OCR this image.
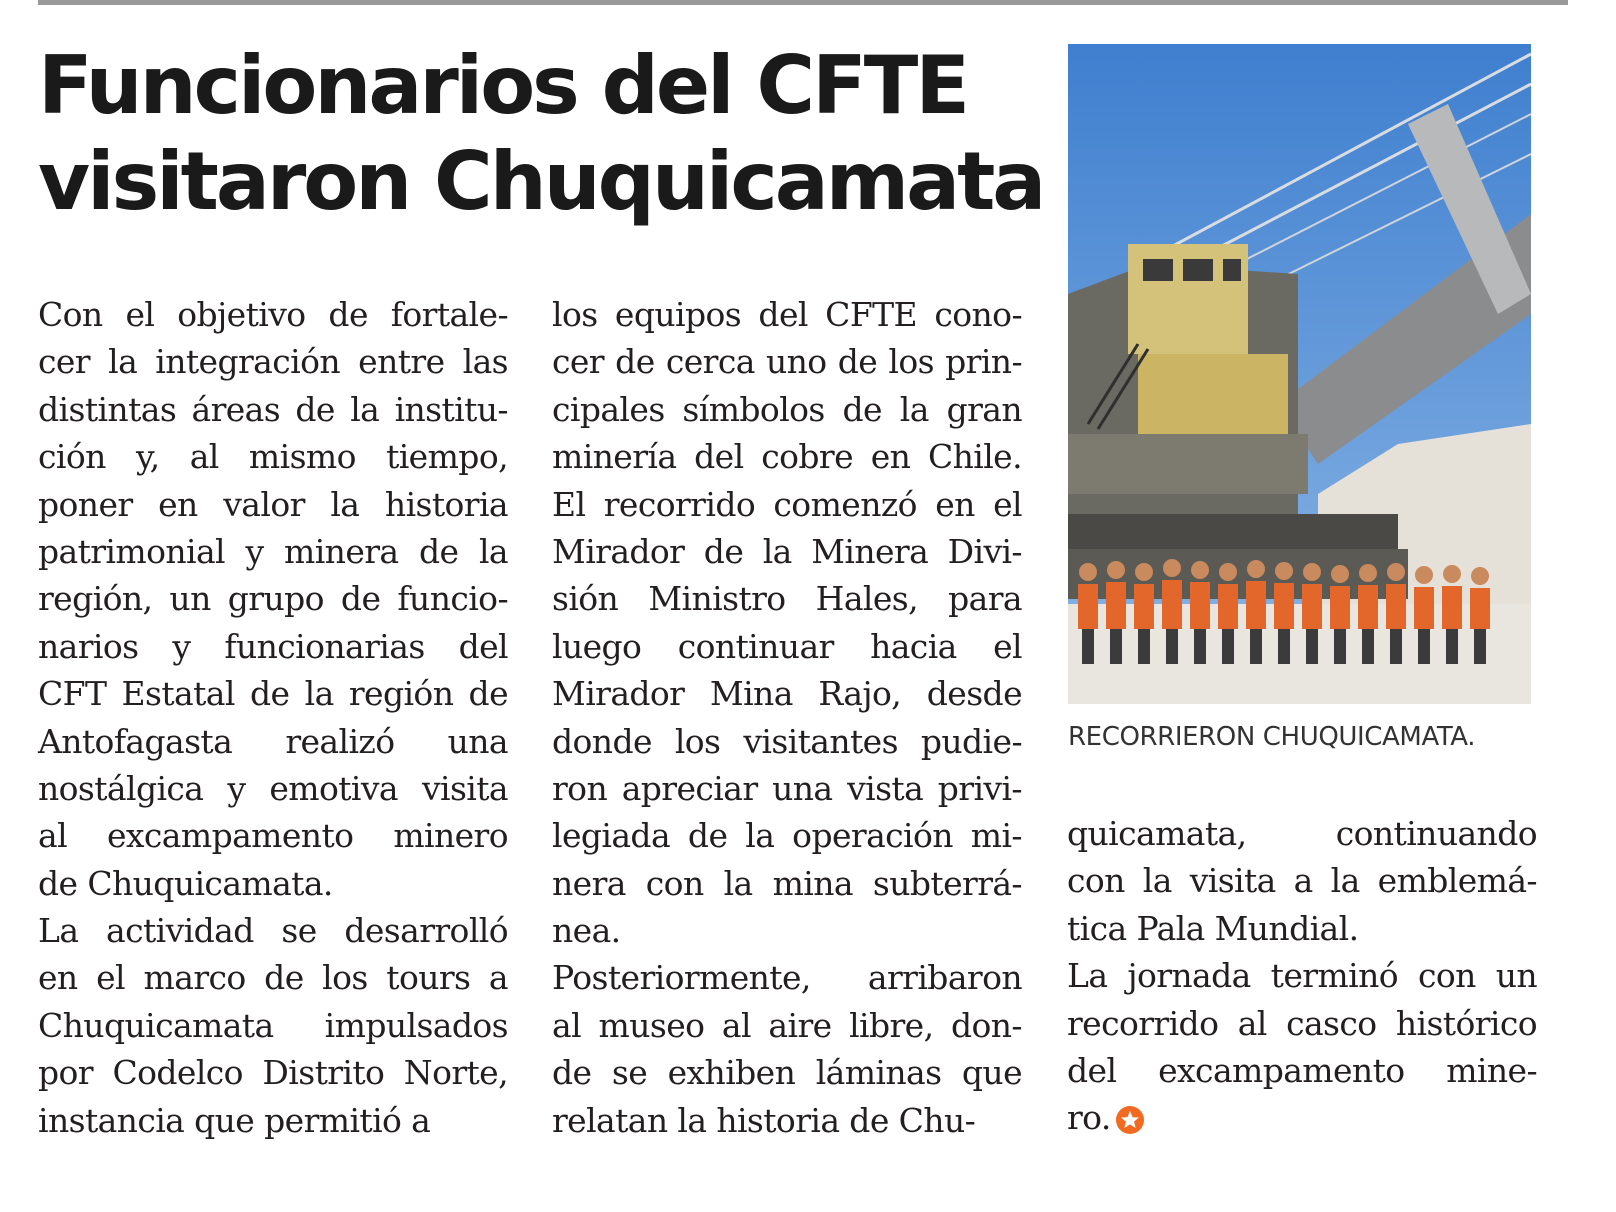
Funcionarios del CFTE
visitaron Chuquicamata
Con el objetivo de fortale-
cer la integración entre las
distintas áreas de la institu-
ción y, al mismo tiempo,
poner en valor la historia
patrimonial y minera de la
región, un grupo de funcio-
narios y funcionarias del
CFT Estatal de la región de
Antofagasta realizó una
nostálgica y emotiva visita
al excampamento minero
de Chuquicamata.
La actividad se desarrolló
en el marco de los tours a
Chuquicamata impulsados
por Codelco Distrito Norte,
instancia que permitió a
los equipos del CFTE cono-
cer de cerca uno de los prin-
cipales símbolos de la gran
minería del cobre en Chile.
El recorrido comenzó en el
Mirador de la Minera Divi-
sión Ministro Hales, para
luego continuar hacia el
Mirador Mina Rajo, desde
donde los visitantes pudie-
ron apreciar una vista privi-
legiada de la operación mi-
nera con la mina subterrá-
nea.
Posteriormente, arribaron
al museo al aire libre, don-
de se exhiben láminas que
relatan la historia de Chu-
quicamata, continuando
con la visita a la emblemá-
tica Pala Mundial.
La jornada terminó con un
recorrido al casco histórico
del excampamento mine-
ro.
RECORRIERON CHUQUICAMATA.
